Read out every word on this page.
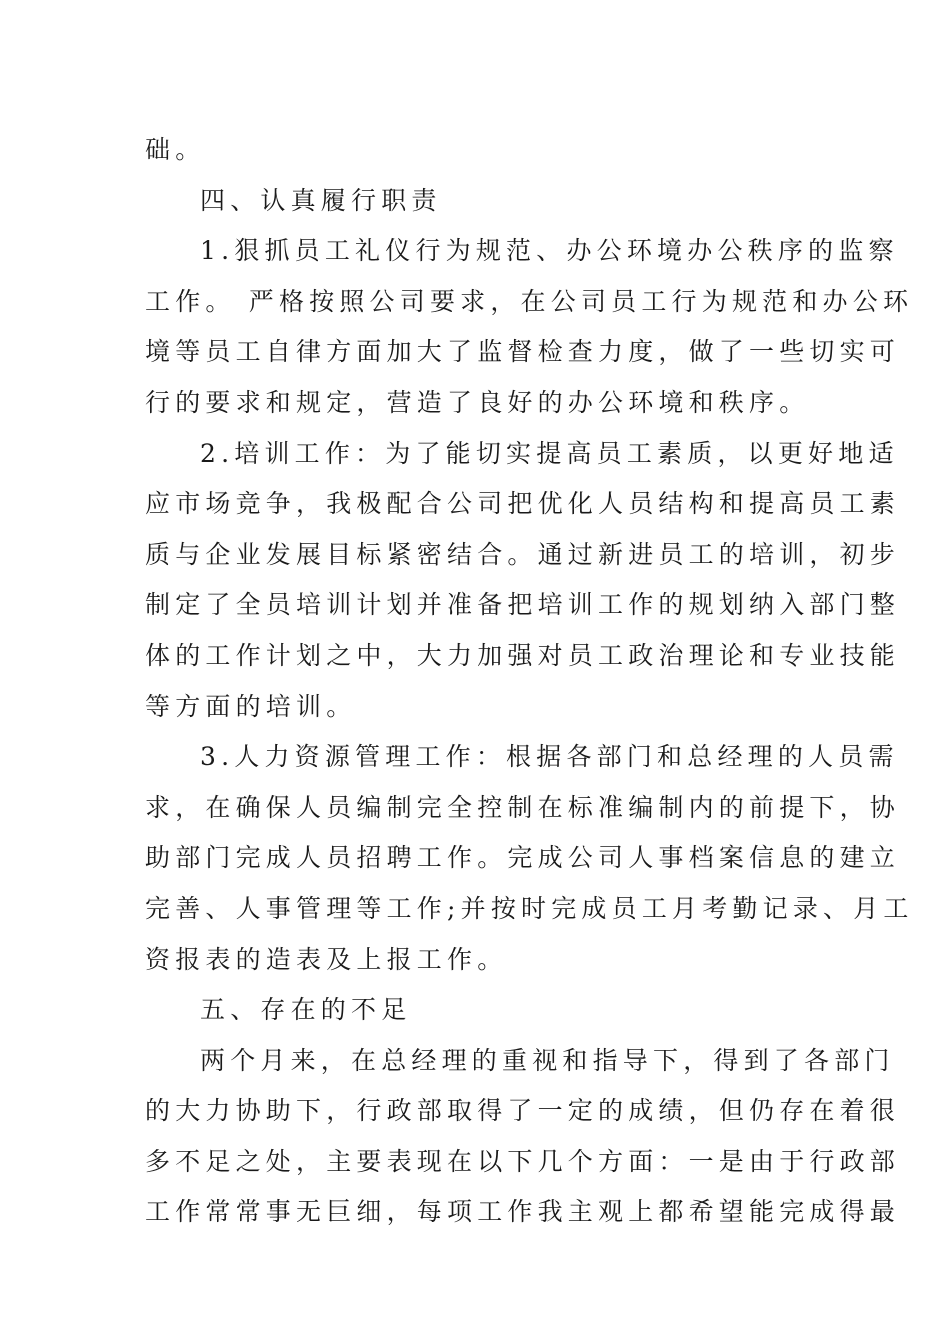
础。
四、认真履行职责
1.狠抓员工礼仪行为规范、办公环境办公秩序的监察
工作。 严格按照公司要求，在公司员工行为规范和办公环
境等员工自律方面加大了监督检查力度，做了一些切实可
行的要求和规定，营造了良好的办公环境和秩序。
2.培训工作：为了能切实提高员工素质，以更好地适
应市场竞争，我极配合公司把优化人员结构和提高员工素
质与企业发展目标紧密结合。通过新进员工的培训，初步
制定了全员培训计划并准备把培训工作的规划纳入部门整
体的工作计划之中，大力加强对员工政治理论和专业技能
等方面的培训。
3.人力资源管理工作：根据各部门和总经理的人员需
求，在确保人员编制完全控制在标准编制内的前提下，协
助部门完成人员招聘工作。完成公司人事档案信息的建立
完善、人事管理等工作;并按时完成员工月考勤记录、月工
资报表的造表及上报工作。
五、存在的不足
两个月来，在总经理的重视和指导下，得到了各部门
的大力协助下，行政部取得了一定的成绩，但仍存在着很
多不足之处，主要表现在以下几个方面：一是由于行政部
工作常常事无巨细，每项工作我主观上都希望能完成得最
